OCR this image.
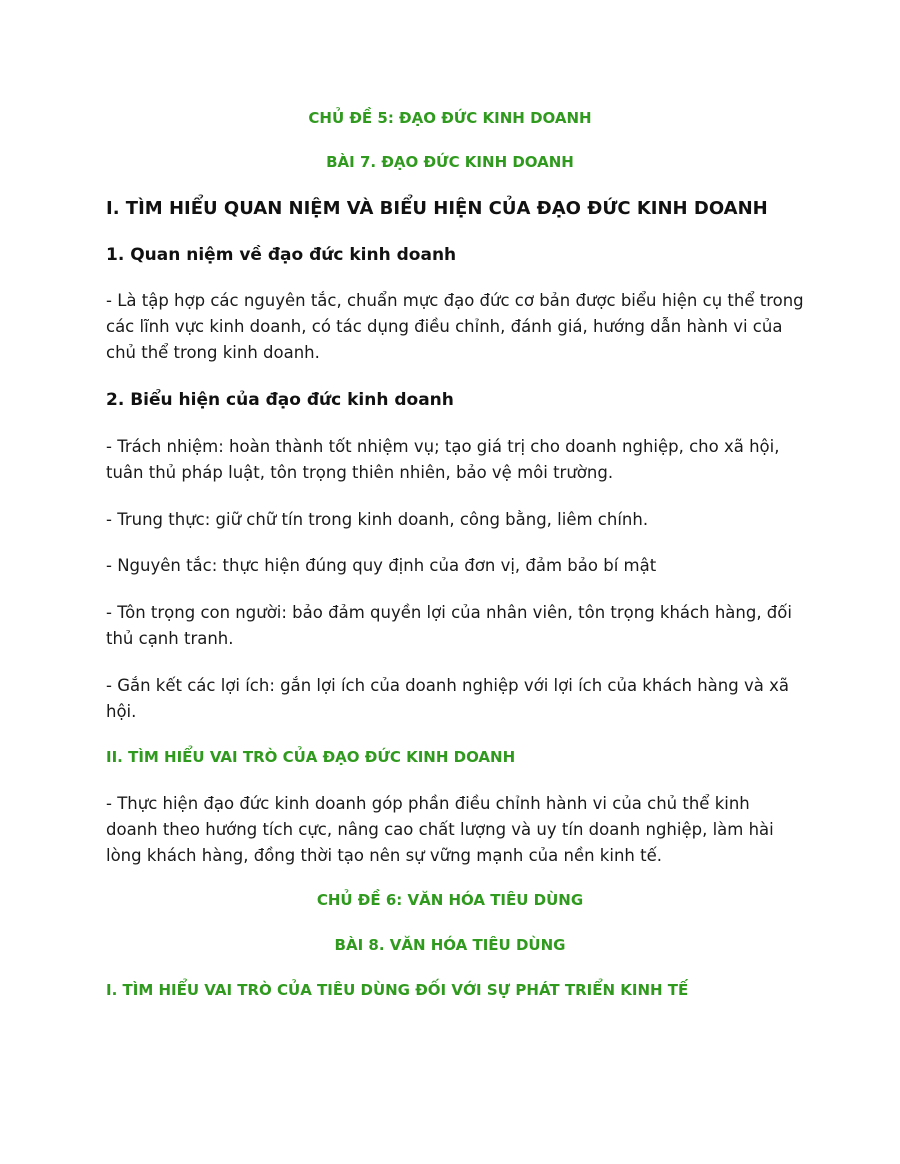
CHỦ ĐỀ 5: ĐẠO ĐỨC KINH DOANH

BÀI 7. ĐẠO ĐỨC KINH DOANH

I. TÌM HIỂU QUAN NIỆM VÀ BIỂU HIỆN CỦA ĐẠO ĐỨC KINH DOANH

1. Quan niệm về đạo đức kinh doanh

- Là tập hợp các nguyên tắc, chuẩn mực đạo đức cơ bản được biểu hiện cụ thể trong các lĩnh vực kinh doanh, có tác dụng điều chỉnh, đánh giá, hướng dẫn hành vi của chủ thể trong kinh doanh.

2. Biểu hiện của đạo đức kinh doanh

- Trách nhiệm: hoàn thành tốt nhiệm vụ; tạo giá trị cho doanh nghiệp, cho xã hội, tuân thủ pháp luật, tôn trọng thiên nhiên, bảo vệ môi trường.

- Trung thực: giữ chữ tín trong kinh doanh, công bằng, liêm chính.

- Nguyên tắc: thực hiện đúng quy định của đơn vị, đảm bảo bí mật

- Tôn trọng con người: bảo đảm quyền lợi của nhân viên, tôn trọng khách hàng, đối thủ cạnh tranh.

- Gắn kết các lợi ích: gắn lợi ích của doanh nghiệp với lợi ích của khách hàng và xã hội.

II. TÌM HIỂU VAI TRÒ CỦA ĐẠO ĐỨC KINH DOANH

- Thực hiện đạo đức kinh doanh góp phần điều chỉnh hành vi của chủ thể kinh doanh theo hướng tích cực, nâng cao chất lượng và uy tín doanh nghiệp, làm hài lòng khách hàng, đồng thời tạo nên sự vững mạnh của nền kinh tế.

CHỦ ĐỀ 6: VĂN HÓA TIÊU DÙNG

BÀI 8. VĂN HÓA TIÊU DÙNG

I. TÌM HIỂU VAI TRÒ CỦA TIÊU DÙNG ĐỐI VỚI SỰ PHÁT TRIỂN KINH TẾ
